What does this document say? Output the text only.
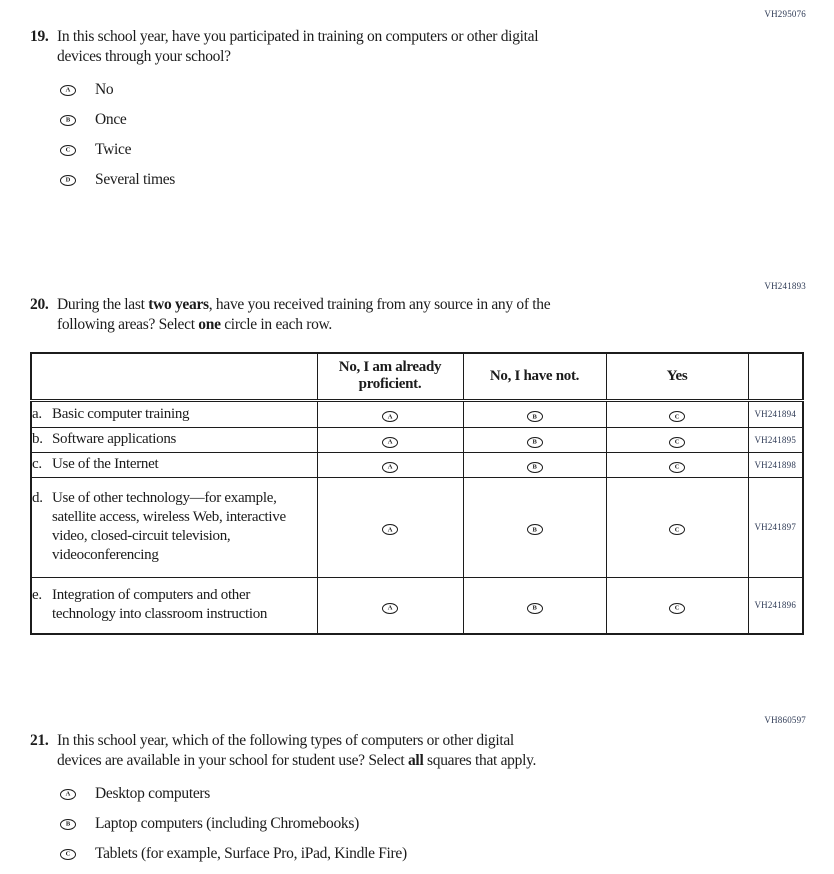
VH295076
19. In this school year, have you participated in training on computers or other digital
devices through your school?
A No
B Once
C Twice
D Several times
VH241893
20. During the last two years, have you received training from any source in any of the
following areas? Select one circle in each row.
	No, I am already proficient.	No, I have not.	Yes	

a. Basic computer training	A	B	C	VH241894

b. Software applications	A	B	C	VH241895

c. Use of the Internet	A	B	C	VH241898

d. Use of other technology—for example, satellite access, wireless Web, interactive video, closed-circuit television, videoconferencing	A	B	C	VH241897

e. Integration of computers and other technology into classroom instruction	A	B	C	VH241896
VH860597
21. In this school year, which of the following types of computers or other digital
devices are available in your school for student use? Select all squares that apply.
A Desktop computers
B Laptop computers (including Chromebooks)
C Tablets (for example, Surface Pro, iPad, Kindle Fire)
